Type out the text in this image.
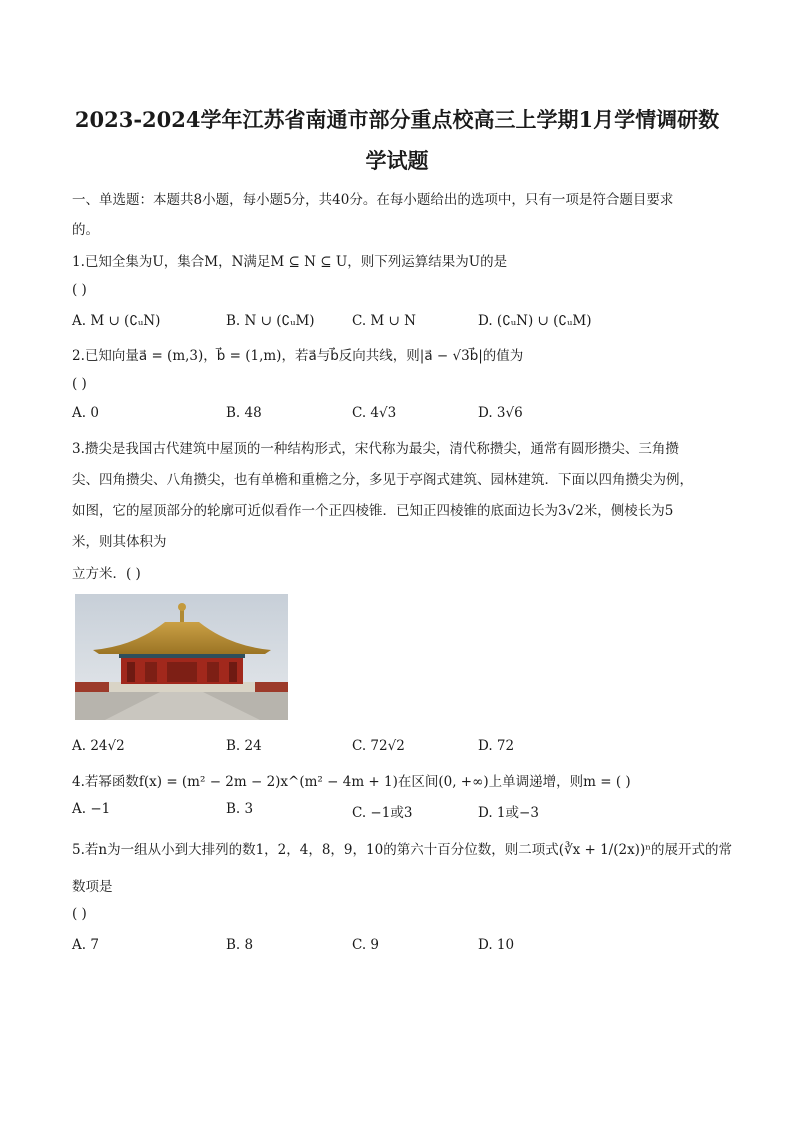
2023-2024学年江苏省南通市部分重点校高三上学期1月学情调研数
学试题
一、单选题：本题共8小题，每小题5分，共40分。在每小题给出的选项中，只有一项是符合题目要求
的。
1.已知全集为U，集合M，N满足M ⊆ N ⊆ U，则下列运算结果为U的是
( )
A. M ∪ (∁ᵤN)	B. N ∪ (∁ᵤM)	C. M ∪ N	D. (∁ᵤN) ∪ (∁ᵤM)
2.已知向量a⃗ = (m,3)，b⃗ = (1,m)，若a⃗与b⃗反向共线，则|a⃗ − √3b⃗|的值为
( )
A. 0	B. 48	C. 4√3	D. 3√6
3.攒尖是我国古代建筑中屋顶的一种结构形式，宋代称为最尖，清代称攒尖，通常有圆形攒尖、三角攒
尖、四角攒尖、八角攒尖，也有单檐和重檐之分，多见于亭阁式建筑、园林建筑．下面以四角攒尖为例，
如图，它的屋顶部分的轮廓可近似看作一个正四棱锥．已知正四棱锥的底面边长为3√2米，侧棱长为5
米，则其体积为
立方米．( )
A. 24√2	B. 24	C. 72√2	D. 72
4.若幂函数f(x) = (m² − 2m − 2)x^(m² − 4m + 1)在区间(0, +∞)上单调递增，则m = ( )
A. −1	B. 3	C. −1或3	D. 1或−3
5.若n为一组从小到大排列的数1，2，4，8，9，10的第六十百分位数，则二项式(∛x + 1/(2x))ⁿ的展开式的常
数项是
( )
A. 7	B. 8	C. 9	D. 10
